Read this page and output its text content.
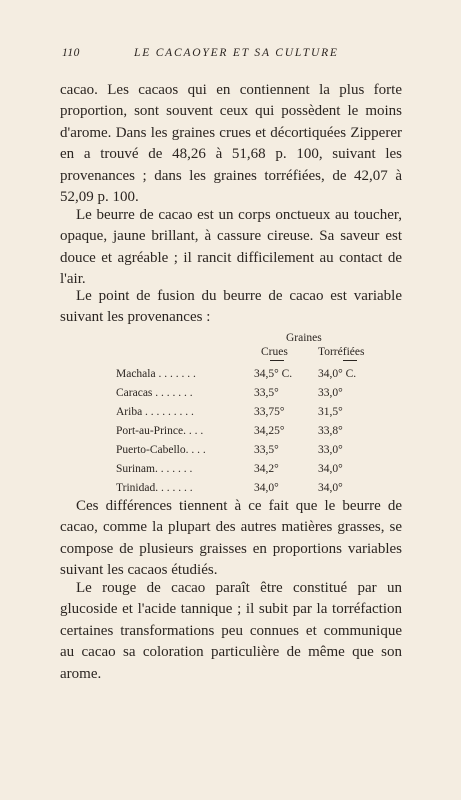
110	LE CACAOYER ET SA CULTURE

cacao. Les cacaos qui en contiennent la plus forte proportion, sont souvent ceux qui possèdent le moins d'arome. Dans les graines crues et décortiquées Zipperer en a trouvé de 48,26 à 51,68 p. 100, suivant les provenances ; dans les graines torréfiées, de 42,07 à 52,09 p. 100.

Le beurre de cacao est un corps onctueux au toucher, opaque, jaune brillant, à cassure cireuse. Sa saveur est douce et agréable ; il rancit difficilement au contact de l'air.

Le point de fusion du beurre de cacao est variable suivant les provenances :

Graines
Crues	Torréfiées
Machala . . . . . . .	34,5° C. 34,0° C.
Caracas . . . . . . .	33,5°	33,0°
Ariba . . . . . . . . .	33,75°	31,5°
Port-au-Prince. . . .	34,25°	33,8°
Puerto-Cabello. . . .	33,5°	33,0°
Surinam. . . . . . .	34,2°	34,0°
Trinidad. . . . . . .	34,0°	34,0°

Ces différences tiennent à ce fait que le beurre de cacao, comme la plupart des autres matières grasses, se compose de plusieurs graisses en proportions variables suivant les cacaos étudiés.

Le rouge de cacao paraît être constitué par un glucoside et l'acide tannique ; il subit par la torréfaction certaines transformations peu connues et communique au cacao sa coloration particulière de même que son arome.
